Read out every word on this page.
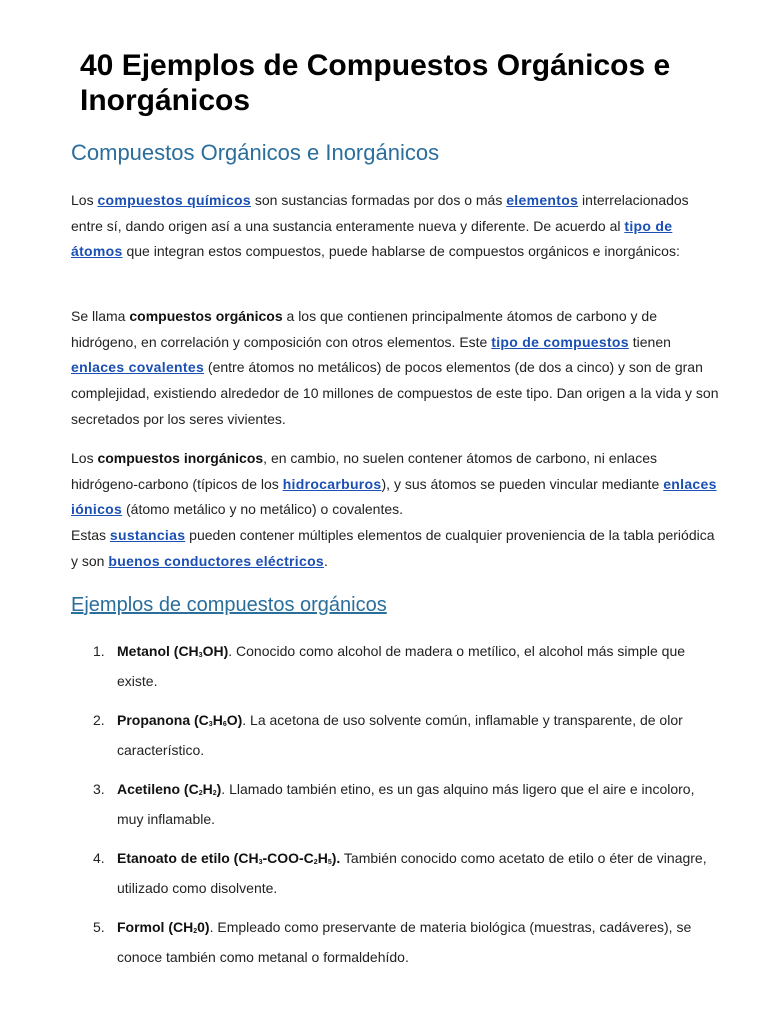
40 Ejemplos de Compuestos Orgánicos e Inorgánicos
Compuestos Orgánicos e Inorgánicos

Los compuestos químicos son sustancias formadas por dos o más elementos interrelacionados entre sí, dando origen así a una sustancia enteramente nueva y diferente. De acuerdo al tipo de átomos que integran estos compuestos, puede hablarse de compuestos orgánicos e inorgánicos:

Se llama compuestos orgánicos a los que contienen principalmente átomos de carbono y de hidrógeno, en correlación y composición con otros elementos. Este tipo de compuestos tienen enlaces covalentes (entre átomos no metálicos) de pocos elementos (de dos a cinco) y son de gran complejidad, existiendo alrededor de 10 millones de compuestos de este tipo. Dan origen a la vida y son secretados por los seres vivientes.

Los compuestos inorgánicos, en cambio, no suelen contener átomos de carbono, ni enlaces hidrógeno-carbono (típicos de los hidrocarburos), y sus átomos se pueden vincular mediante enlaces iónicos (átomo metálico y no metálico) o covalentes.
Estas sustancias pueden contener múltiples elementos de cualquier proveniencia de la tabla periódica y son buenos conductores eléctricos.

Ejemplos de compuestos orgánicos
1. Metanol (CH3OH). Conocido como alcohol de madera o metílico, el alcohol más simple que existe.
2. Propanona (C3H6O). La acetona de uso solvente común, inflamable y transparente, de olor característico.
3. Acetileno (C2H2). Llamado también etino, es un gas alquino más ligero que el aire e incoloro, muy inflamable.
4. Etanoato de etilo (CH3-COO-C2H5). También conocido como acetato de etilo o éter de vinagre, utilizado como disolvente.
5. Formol (CH20). Empleado como preservante de materia biológica (muestras, cadáveres), se conoce también como metanal o formaldehído.
